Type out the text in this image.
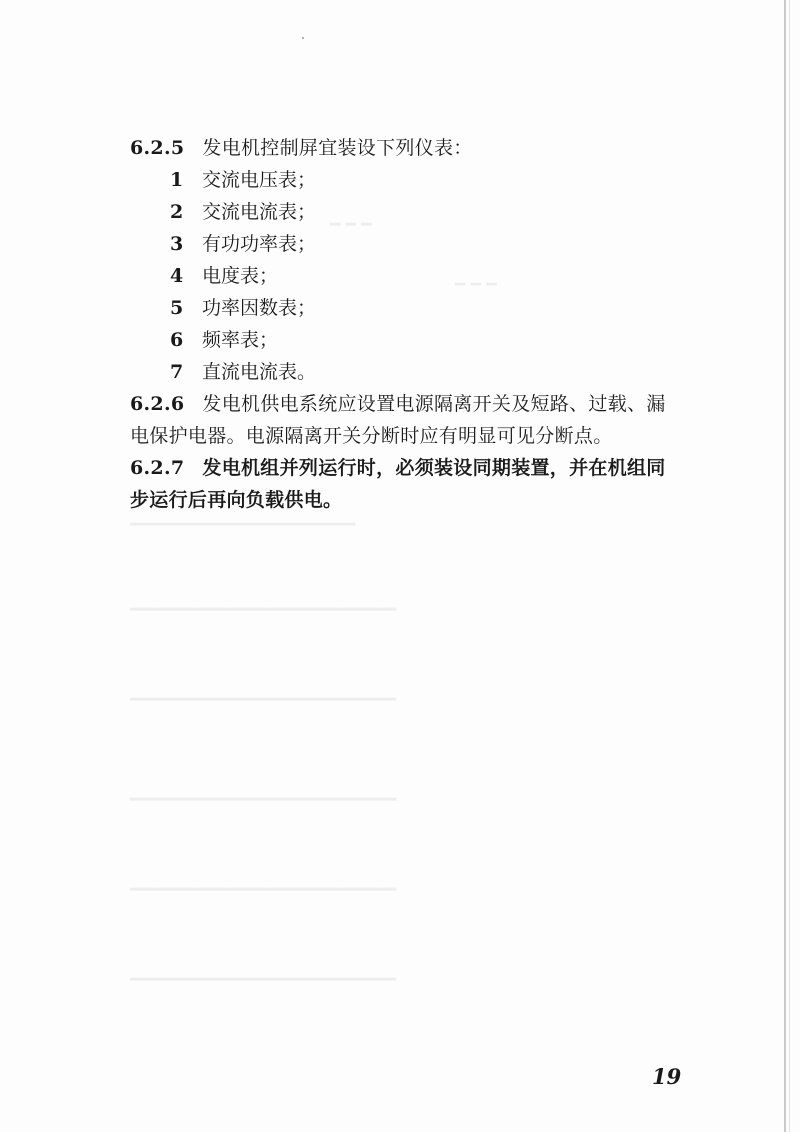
━ ━ ━
━ ━ ━
━━━━━━━━━━━━━━━━━━━━━━
━━━━━━━━━━━━━━━━━━━━━━━━━━
━━━━━━━━━━━━━━━━━━━━━━━━━━
━━━━━━━━━━━━━━━━━━━━━━━━━━
━━━━━━━━━━━━━━━━━━━━━━━━━━
━━━━━━━━━━━━━━━━━━━━━━━━━━
6.2.5 发电机控制屏宜装设下列仪表：
1 交流电压表；
2 交流电流表；
3 有功功率表；
4 电度表；
5 功率因数表；
6 频率表；
7 直流电流表。
6.2.6 发电机供电系统应设置电源隔离开关及短路、过载、漏
电保护电器。电源隔离开关分断时应有明显可见分断点。
6.2.7 发电机组并列运行时，必须装设同期装置，并在机组同
步运行后再向负载供电。
19
